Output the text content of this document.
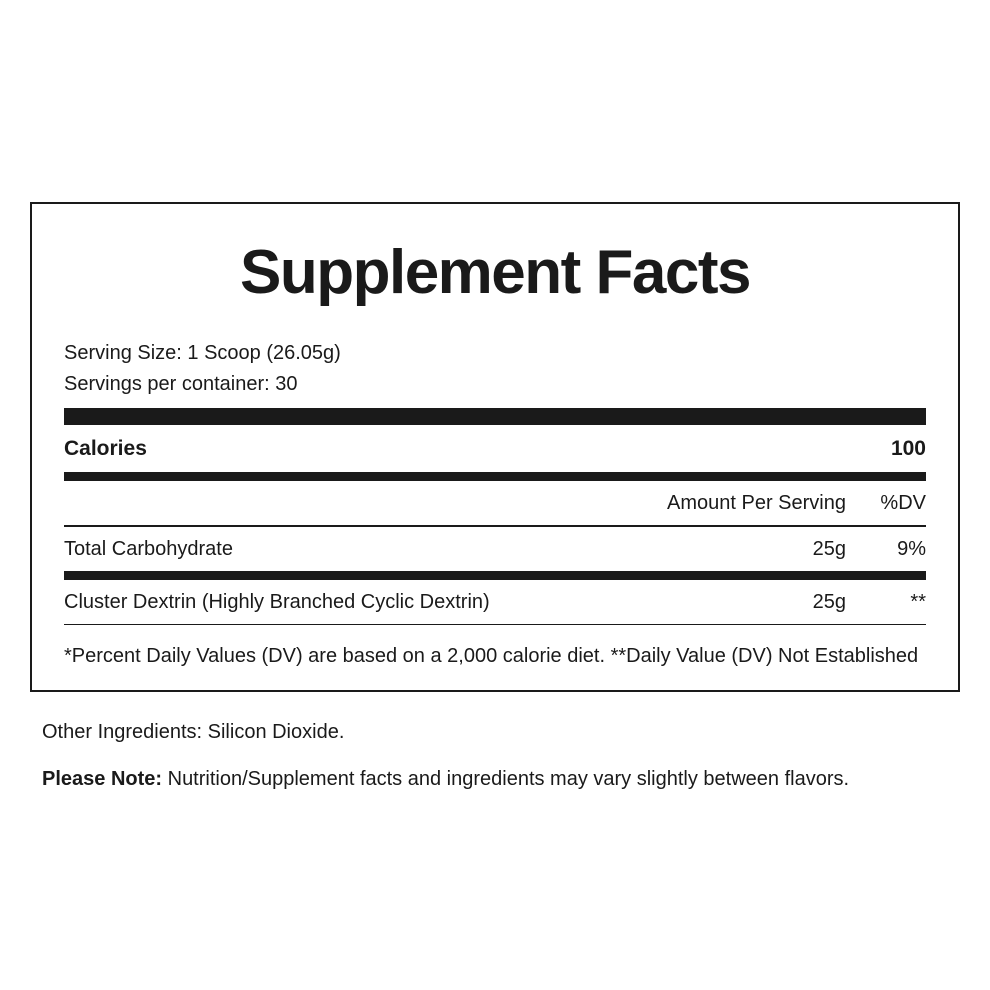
Supplement Facts
Serving Size: 1 Scoop (26.05g)
Servings per container: 30
Calories	100
Amount Per Serving	%DV
Total Carbohydrate	25g	9%
Cluster Dextrin (Highly Branched Cyclic Dextrin)	25g	**
*Percent Daily Values (DV) are based on a 2,000 calorie diet. **Daily Value (DV) Not Established
Other Ingredients: Silicon Dioxide.
Please Note: Nutrition/Supplement facts and ingredients may vary slightly between flavors.
